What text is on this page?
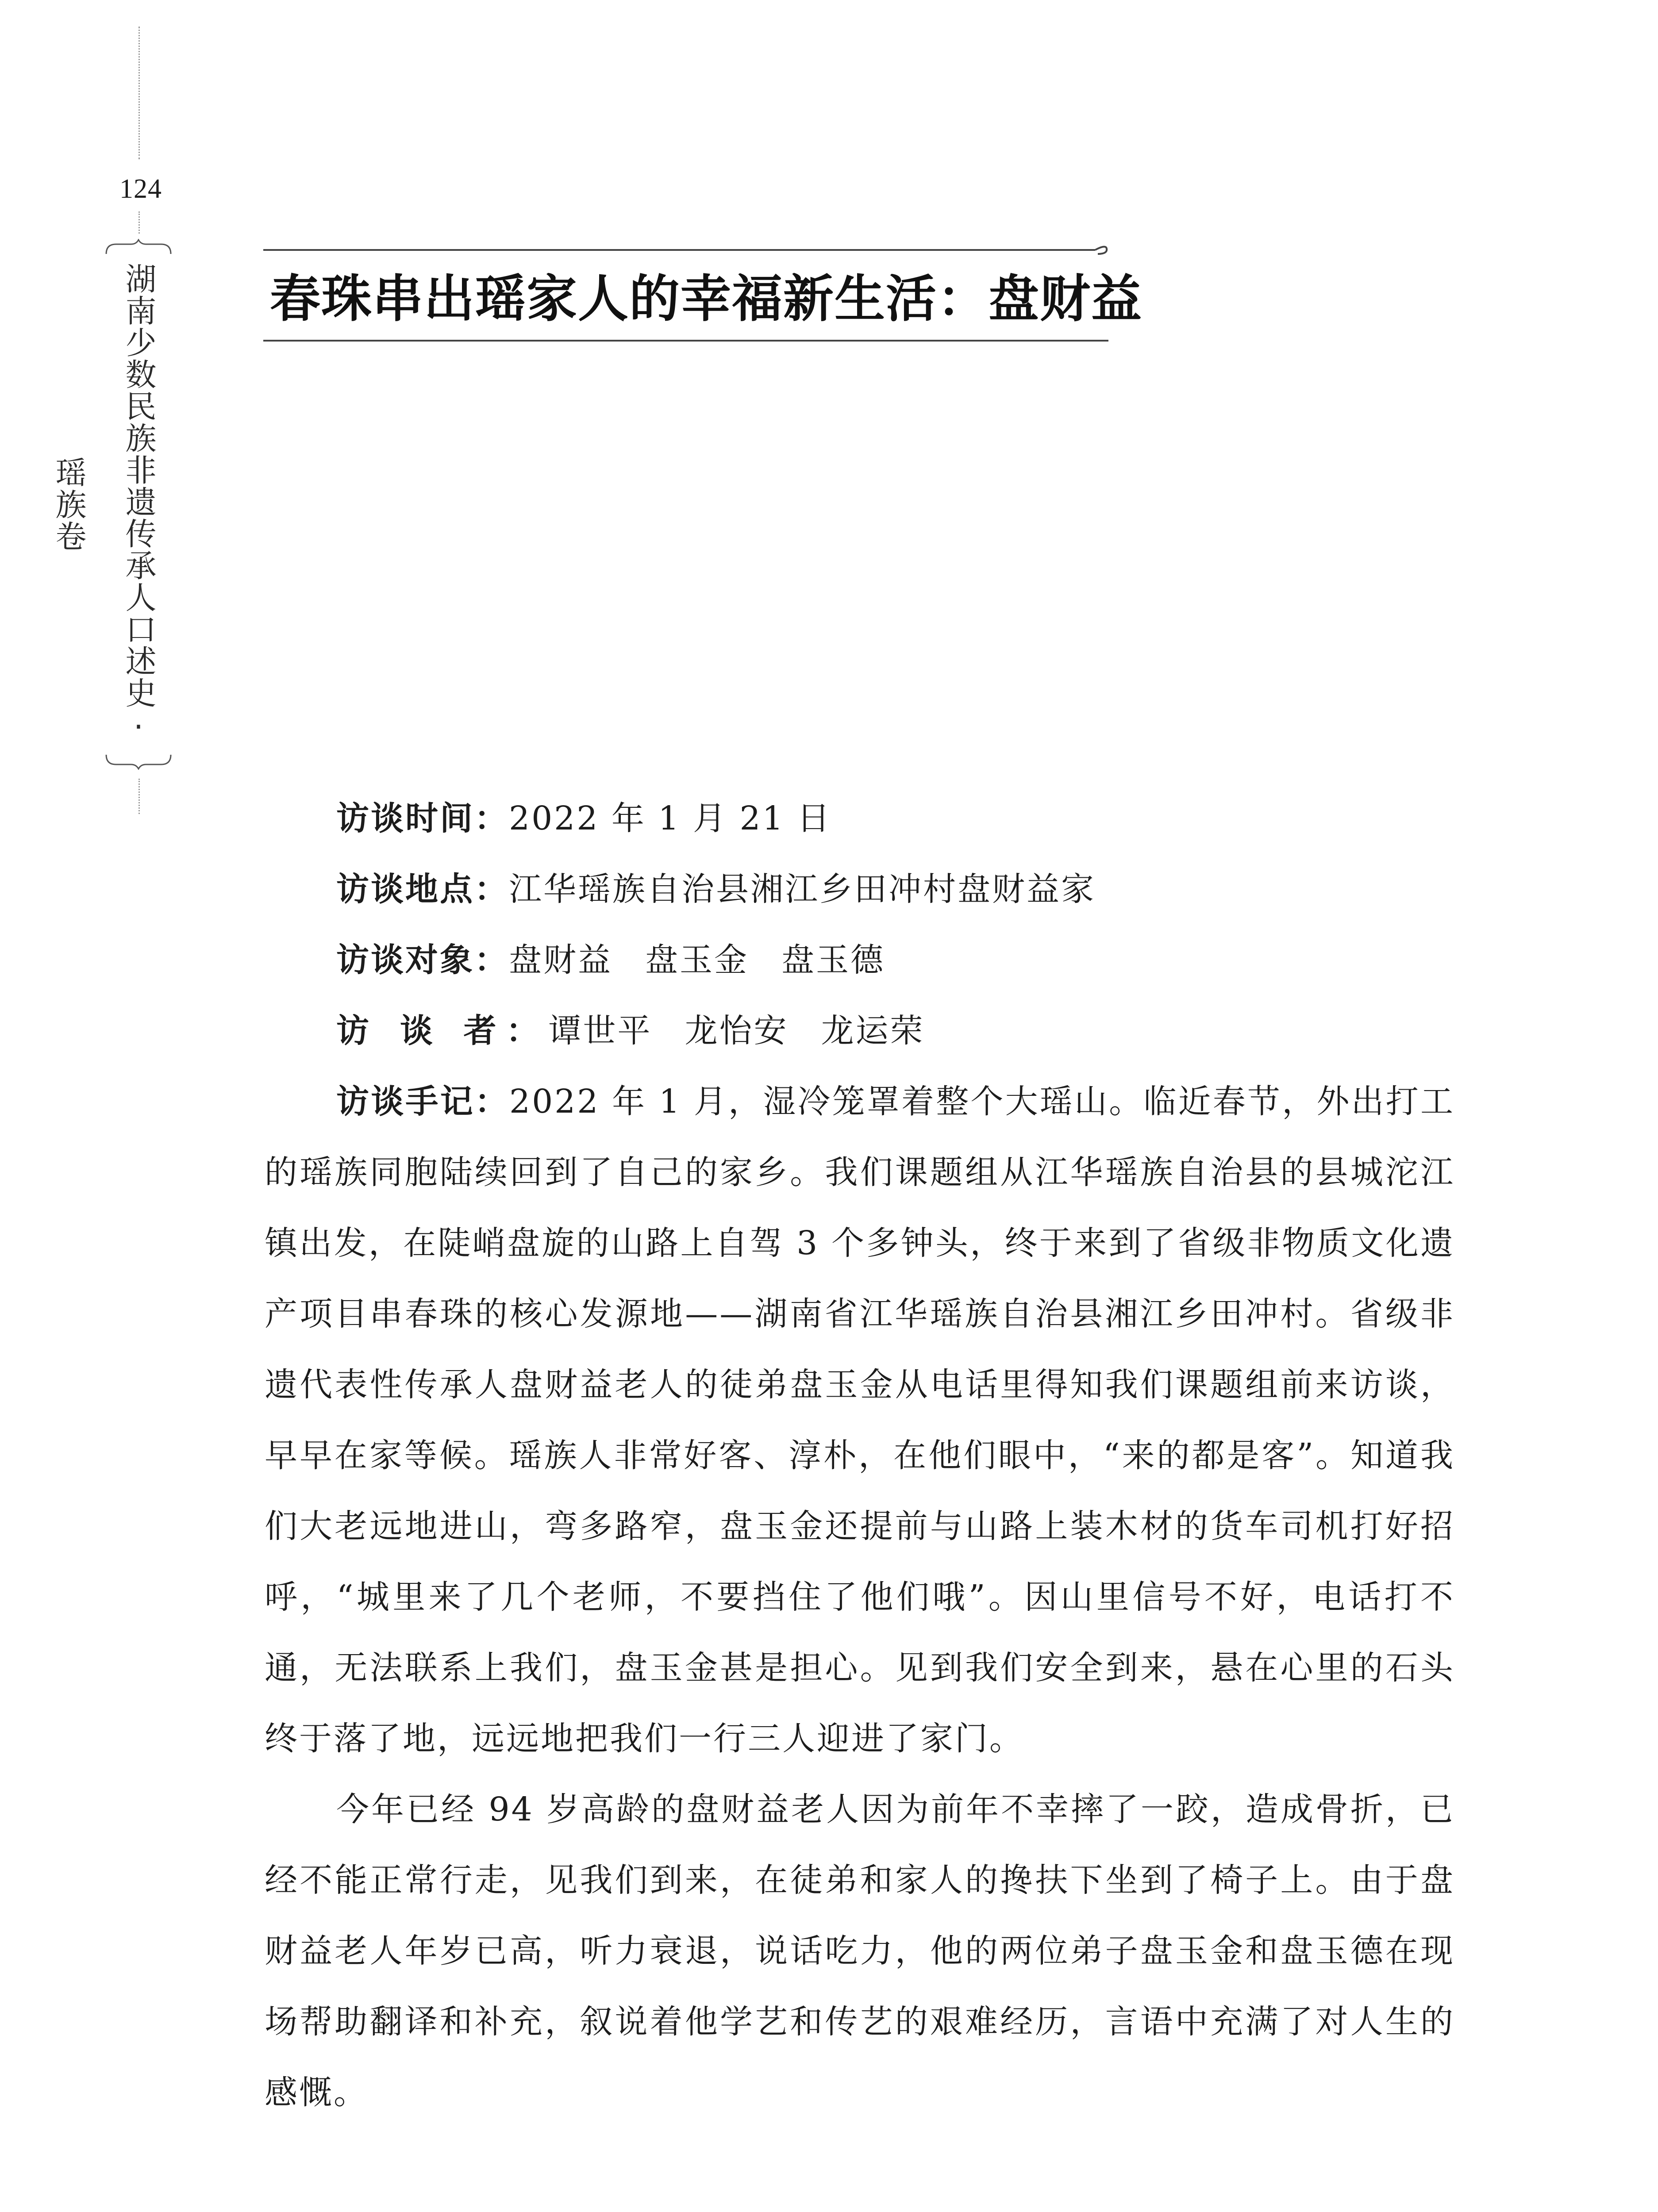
124
湖南少数民族非遗传承人口述史·瑶族卷
春珠串出瑶家人的幸福新生活：盘财益

访谈时间：2022 年 1 月 21 日

访谈地点：江华瑶族自治县湘江乡田冲村盘财益家

访谈对象：盘财益 盘玉金 盘玉德

访 谈 者：谭世平 龙怡安 龙运荣

访谈手记：2022 年 1 月，湿冷笼罩着整个大瑶山。临近春节，外出打工的瑶族同胞陆续回到了自己的家乡。我们课题组从江华瑶族自治县的县城沱江镇出发，在陡峭盘旋的山路上自驾 3 个多钟头，终于来到了省级非物质文化遗产项目串春珠的核心发源地——湖南省江华瑶族自治县湘江乡田冲村。省级非遗代表性传承人盘财益老人的徒弟盘玉金从电话里得知我们课题组前来访谈，早早在家等候。瑶族人非常好客、淳朴，在他们眼中，“来的都是客”。知道我们大老远地进山，弯多路窄，盘玉金还提前与山路上装木材的货车司机打好招呼，“城里来了几个老师，不要挡住了他们哦”。因山里信号不好，电话打不通，无法联系上我们，盘玉金甚是担心。见到我们安全到来，悬在心里的石头终于落了地，远远地把我们一行三人迎进了家门。

今年已经 94 岁高龄的盘财益老人因为前年不幸摔了一跤，造成骨折，已经不能正常行走，见我们到来，在徒弟和家人的搀扶下坐到了椅子上。由于盘财益老人年岁已高，听力衰退，说话吃力，他的两位弟子盘玉金和盘玉德在现场帮助翻译和补充，叙说着他学艺和传艺的艰难经历，言语中充满了对人生的感慨。
